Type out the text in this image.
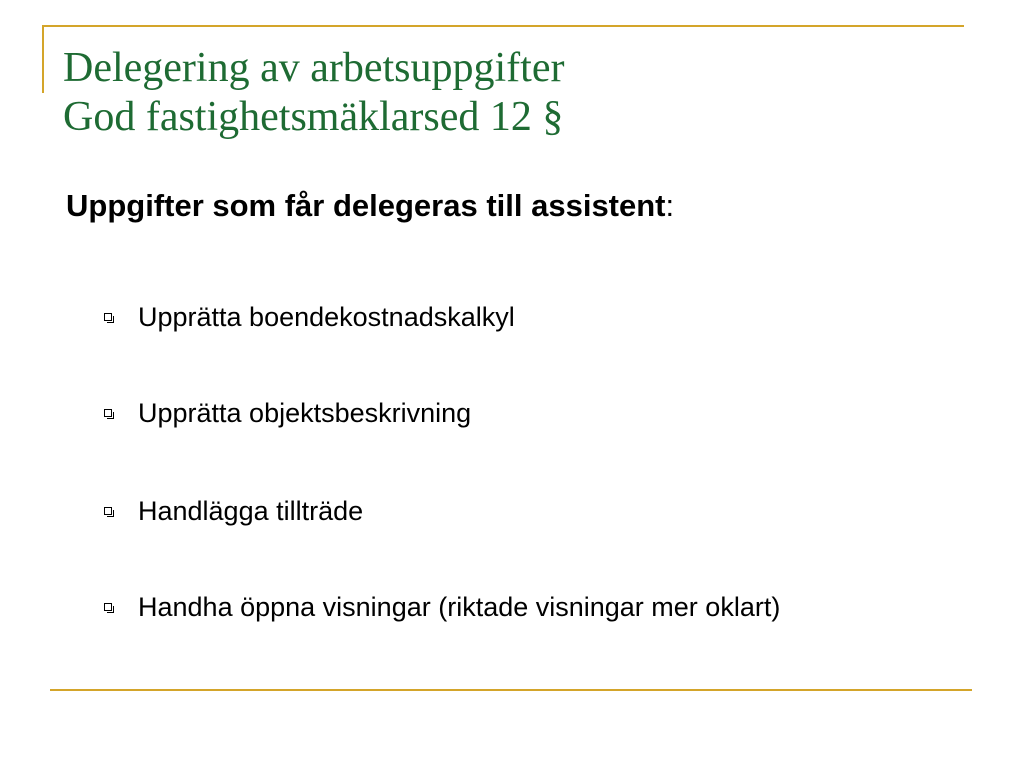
Delegering av arbetsuppgifter
God fastighetsmäklarsed 12 §
Uppgifter som får delegeras till assistent:
Upprätta boendekostnadskalkyl
Upprätta objektsbeskrivning
Handlägga tillträde
Handha öppna visningar (riktade visningar mer oklart)
